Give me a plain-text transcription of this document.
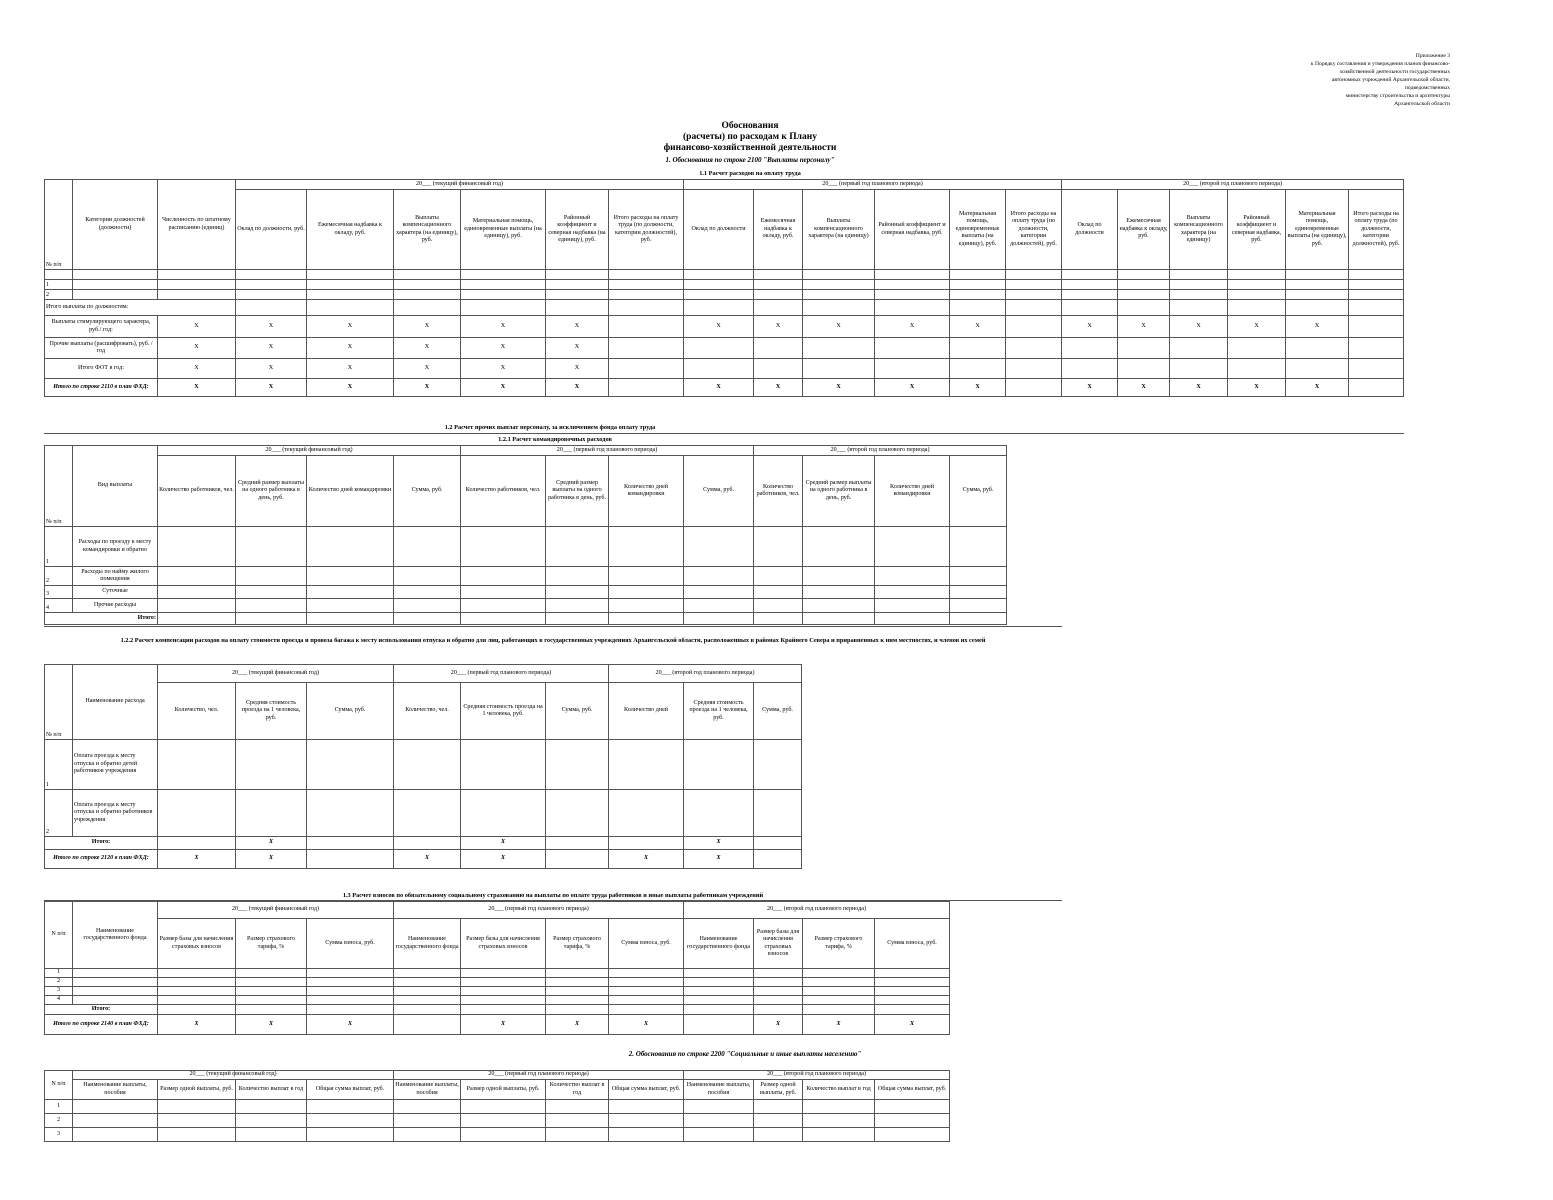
Приложение 3
к Порядку составления и утверждения планов финансово-
хозяйственной деятельности государственных
автономных учреждений Архангельской области,
подведомственных
министерству строительства и архитектуры
Архангельской области
Обоснования
(расчеты) по расходам к Плану
финансово-хозяйственной деятельности
1. Обоснования по строке 2100 "Выплаты персоналу"
1.1 Расчет расходов на оплату труда
№ п/п	Категории должностей (должности)	Численность по штатному расписанию (единиц)	20___ (текущий финансовый год)						20___ (первый год планового периода)						20___ (второй год планового периода)					
			Оклад по должности, руб.	Ежемесячная надбавка к окладу, руб.	Выплаты компенсационного характера (на единицу), руб.	Материальная помощь, единовременные выплаты (на единицу), руб.	Районный коэффициент и северная надбавка (на единицу), руб.	Итого расходы на оплату труда (по должности, категории должностей), руб.	Оклад по должности	Ежемесячная надбавка к окладу, руб.	Выплаты компенсационного характера (на единицу)	Районный коэффициент и северная надбавка, руб.	Материальная помощь, единовременные выплаты (на единицу), руб.	Итого расходы на оплату труда (по должности, категории должностей), руб.	Оклад по должности	Ежемесячная надбавка к окладу, руб.	Выплаты компенсационного характера (на единицу)	Районный коэффициент и северная надбавка, руб.	Материальная помощь, единовременные выплаты (на единицу), руб.	Итого расходы на оплату труда (по должности, категории должностей), руб.

1																				
2																				
Итого выплаты по должностям:																				
Выплаты стимулирующего характера, руб./ год:		X	X	X	X	X	X		X	X	X	X	X		X	X	X	X	X	
Прочие выплаты (расшифровать), руб. /год		X	X	X	X	X	X													
Итого ФОТ в год:		X	X	X	X	X	X													
Итого по строке 2110 в план ФХД:		X	X	X	X	X	X		X	X	X	X	X		X	X	X	X	X	
1.2 Расчет прочих выплат персоналу, за исключением фонда оплату труда
1.2.1 Расчет командировочных расходов
№ п/п	Вид выплаты	20___ (текущий финансовый год)				20___ (первый год планового периода)				20___ (второй год планового периода)			
		Количество работников, чел.	Средний размер выплаты на одного работника в день, руб.	Количество дней командировки	Сумма, руб.	Количество работников, чел.	Средний размер выплаты на одного работника в день, руб.	Количество дней командировки	Сумма, руб.	Количество работников, чел.	Средний размер выплаты на одного работника в день, руб.	Количество дней командировки	Сумма, руб.
1	Расходы по проезду к месту командировки и обратно												
2	Расходы по найму жилого помещения												
3	Суточные												
4	Прочие расходы												
Итого:													
1.2.2 Расчет компенсации расходов на оплату стоимости проезда и провоза багажа к месту использования отпуска и обратно для лиц, работающих в государственных учреждениях Архангельской области, расположенных в районах Крайнего Севера и приравненных к ним местностях, и членов их семей
№ п/п	Наименование расхода	20___ (текущий финансовый год)			20___ (первый год планового периода)			20___ (второй год планового периода)		
		Количество, чел.	Средняя стоимость проезда на 1 человека, руб.	Сумма, руб.	Количество, чел.	Средняя стоимость проезда на 1 человека, руб.	Сумма, руб.	Количество дней	Средняя стоимость проезда на 1 человека, руб.	Сумма, руб.
1	Оплата проезда к месту отпуска и обратно детей работников учреждения									
2	Оплата проезда к месту отпуска и обратно работников учреждения									
Итого:			X			X			X	
Итого по строке 2120 в план ФХД:		X	X		X	X		X	X	
1.3 Расчет взносов по обязательному социальному страхованию на выплаты по оплате труда работников и иные выплаты работникам учреждений
N п/п	Наименование государственного фонда	20___ (текущий финансовый год)			20___ (первый год планового периода)				20___ (второй год планового периода)			
		Размер базы для начисления страховых взносов	Размер страхового тарифа, %	Сумма взноса, руб.	Наименование государственного фонда	Размер базы для начисления страховых взносов	Размер страхового тарифа, %	Сумма взноса, руб.	Наименование государственного фонда	Размер базы для начисления страховых взносов	Размер страхового тарифа, %	Сумма взноса, руб.
1												
2												
3												
4												
Итого:												
Итого по строке 2140 в план ФХД:		X	X	X		X	X	X		X	X	X
2. Обоснования по строке 2200 "Социальные и иные выплаты населению"
N п/п	20___ (текущий финансовый год)				20___ (первый год планового периода)				20___ (второй год планового периода)			
	Наименование выплаты, пособия	Размер одной выплаты, руб.	Количество выплат в год	Общая сумма выплат, руб.	Наименование выплаты, пособия	Размер одной выплаты, руб.	Количество выплат в год	Общая сумма выплат, руб.	Наименование выплаты, пособия	Размер одной выплаты, руб.	Количество выплат в год	Общая сумма выплат, руб.
1												
2												
3												
